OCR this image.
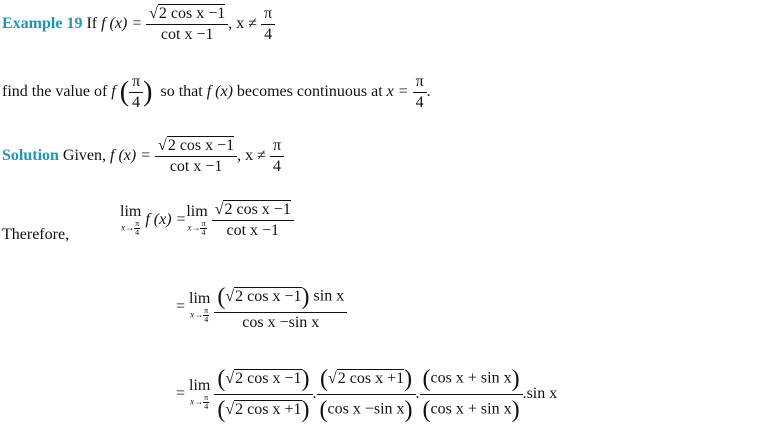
Example 19 If f $(x) = \frac{\text{√2 cos x −1}}{\text{cot x −1}}$ , $x \ne \frac{\pi}{4}$
find the value of f ( $\frac{\pi}{4}$ ) so that f (x) becomes continuous at $x = \frac{\pi}{4}$ .
Solution Given, f $(x) = \frac{\text{√2 cos x −1}}{\text{cot x −1}}$ , $x \ne \frac{\pi}{4}$
Therefore,
lim
$x\to \frac{\pi}{4}$
f (x) =lim
$x\to \frac{\pi}{4}$
$\frac{\text{√2 cos x −1}}{\text{cot x −1}}$
= lim
$x\to \frac{\pi}{4}$
$\frac{\text{(√2 cos x −1) sin x}}{\text{cos x −sin x}}$
= lim
$x\to \frac{\pi}{4}$
$\frac{\text{(√2 cos x −1)}}{\text{(√2 cos x +1)}}$ . $\frac{\text{(√2 cos x +1)}}{\text{(cos x −sin x)}}$ . $\frac{\text{(cos x + sin x)}}{\text{(cos x + sin x)}} .\sin$ x
